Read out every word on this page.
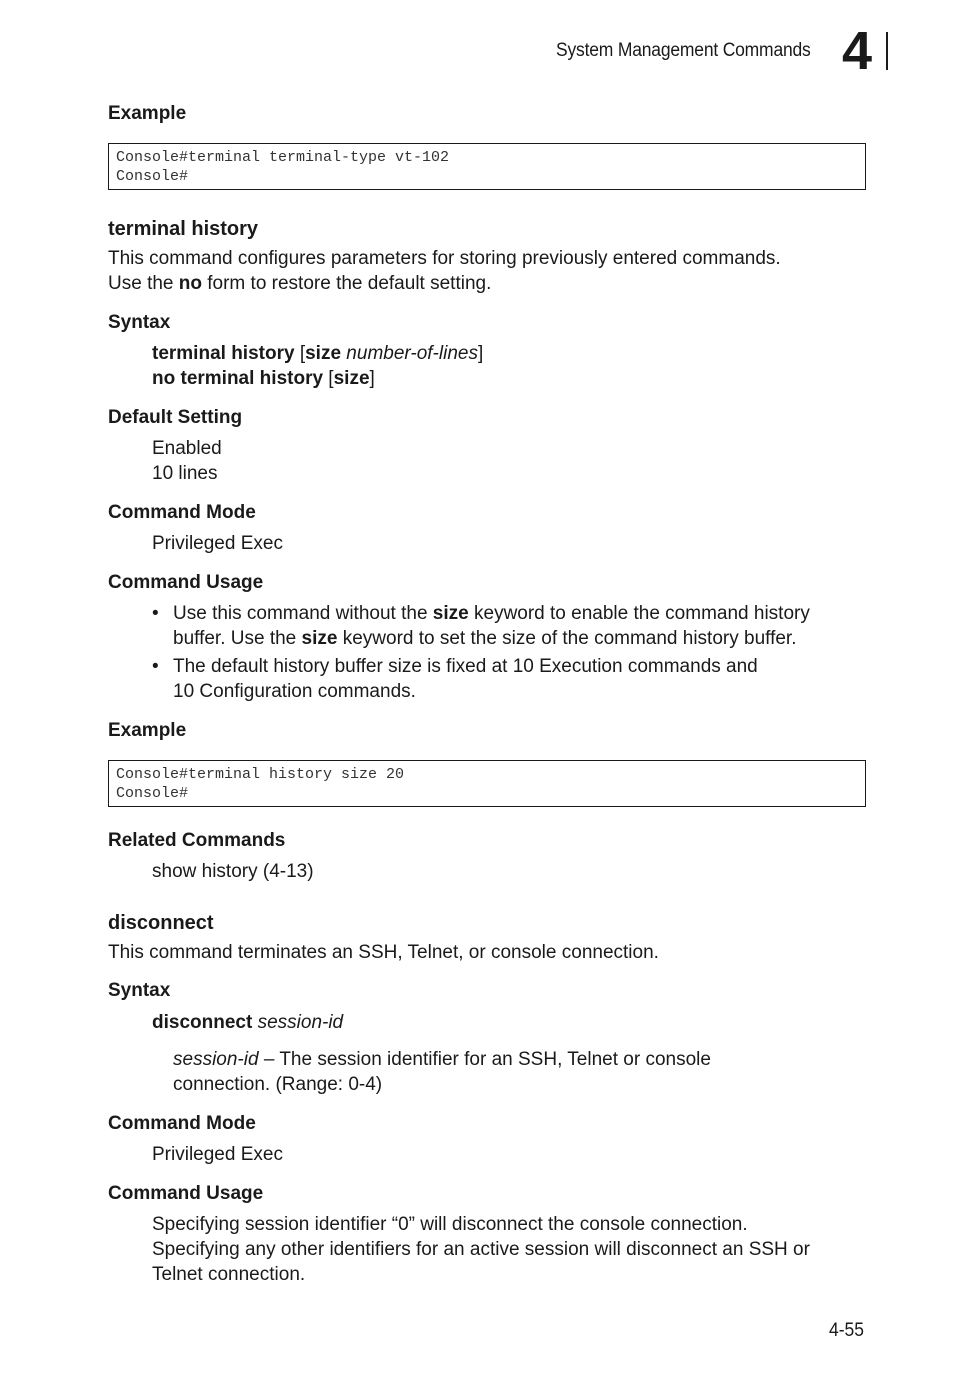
System Management Commands 4
Example
Console#terminal terminal-type vt-102
Console#
terminal history
This command configures parameters for storing previously entered commands.
Use the no form to restore the default setting.
Syntax
terminal history [size number-of-lines]
no terminal history [size]
Default Setting
Enabled
10 lines
Command Mode
Privileged Exec
Command Usage
• Use this command without the size keyword to enable the command history
buffer. Use the size keyword to set the size of the command history buffer.
• The default history buffer size is fixed at 10 Execution commands and
10 Configuration commands.
Example
Console#terminal history size 20
Console#
Related Commands
show history (4-13)
disconnect
This command terminates an SSH, Telnet, or console connection.
Syntax
disconnect session-id
session-id – The session identifier for an SSH, Telnet or console
connection. (Range: 0-4)
Command Mode
Privileged Exec
Command Usage
Specifying session identifier “0” will disconnect the console connection.
Specifying any other identifiers for an active session will disconnect an SSH or
Telnet connection.
4-55
